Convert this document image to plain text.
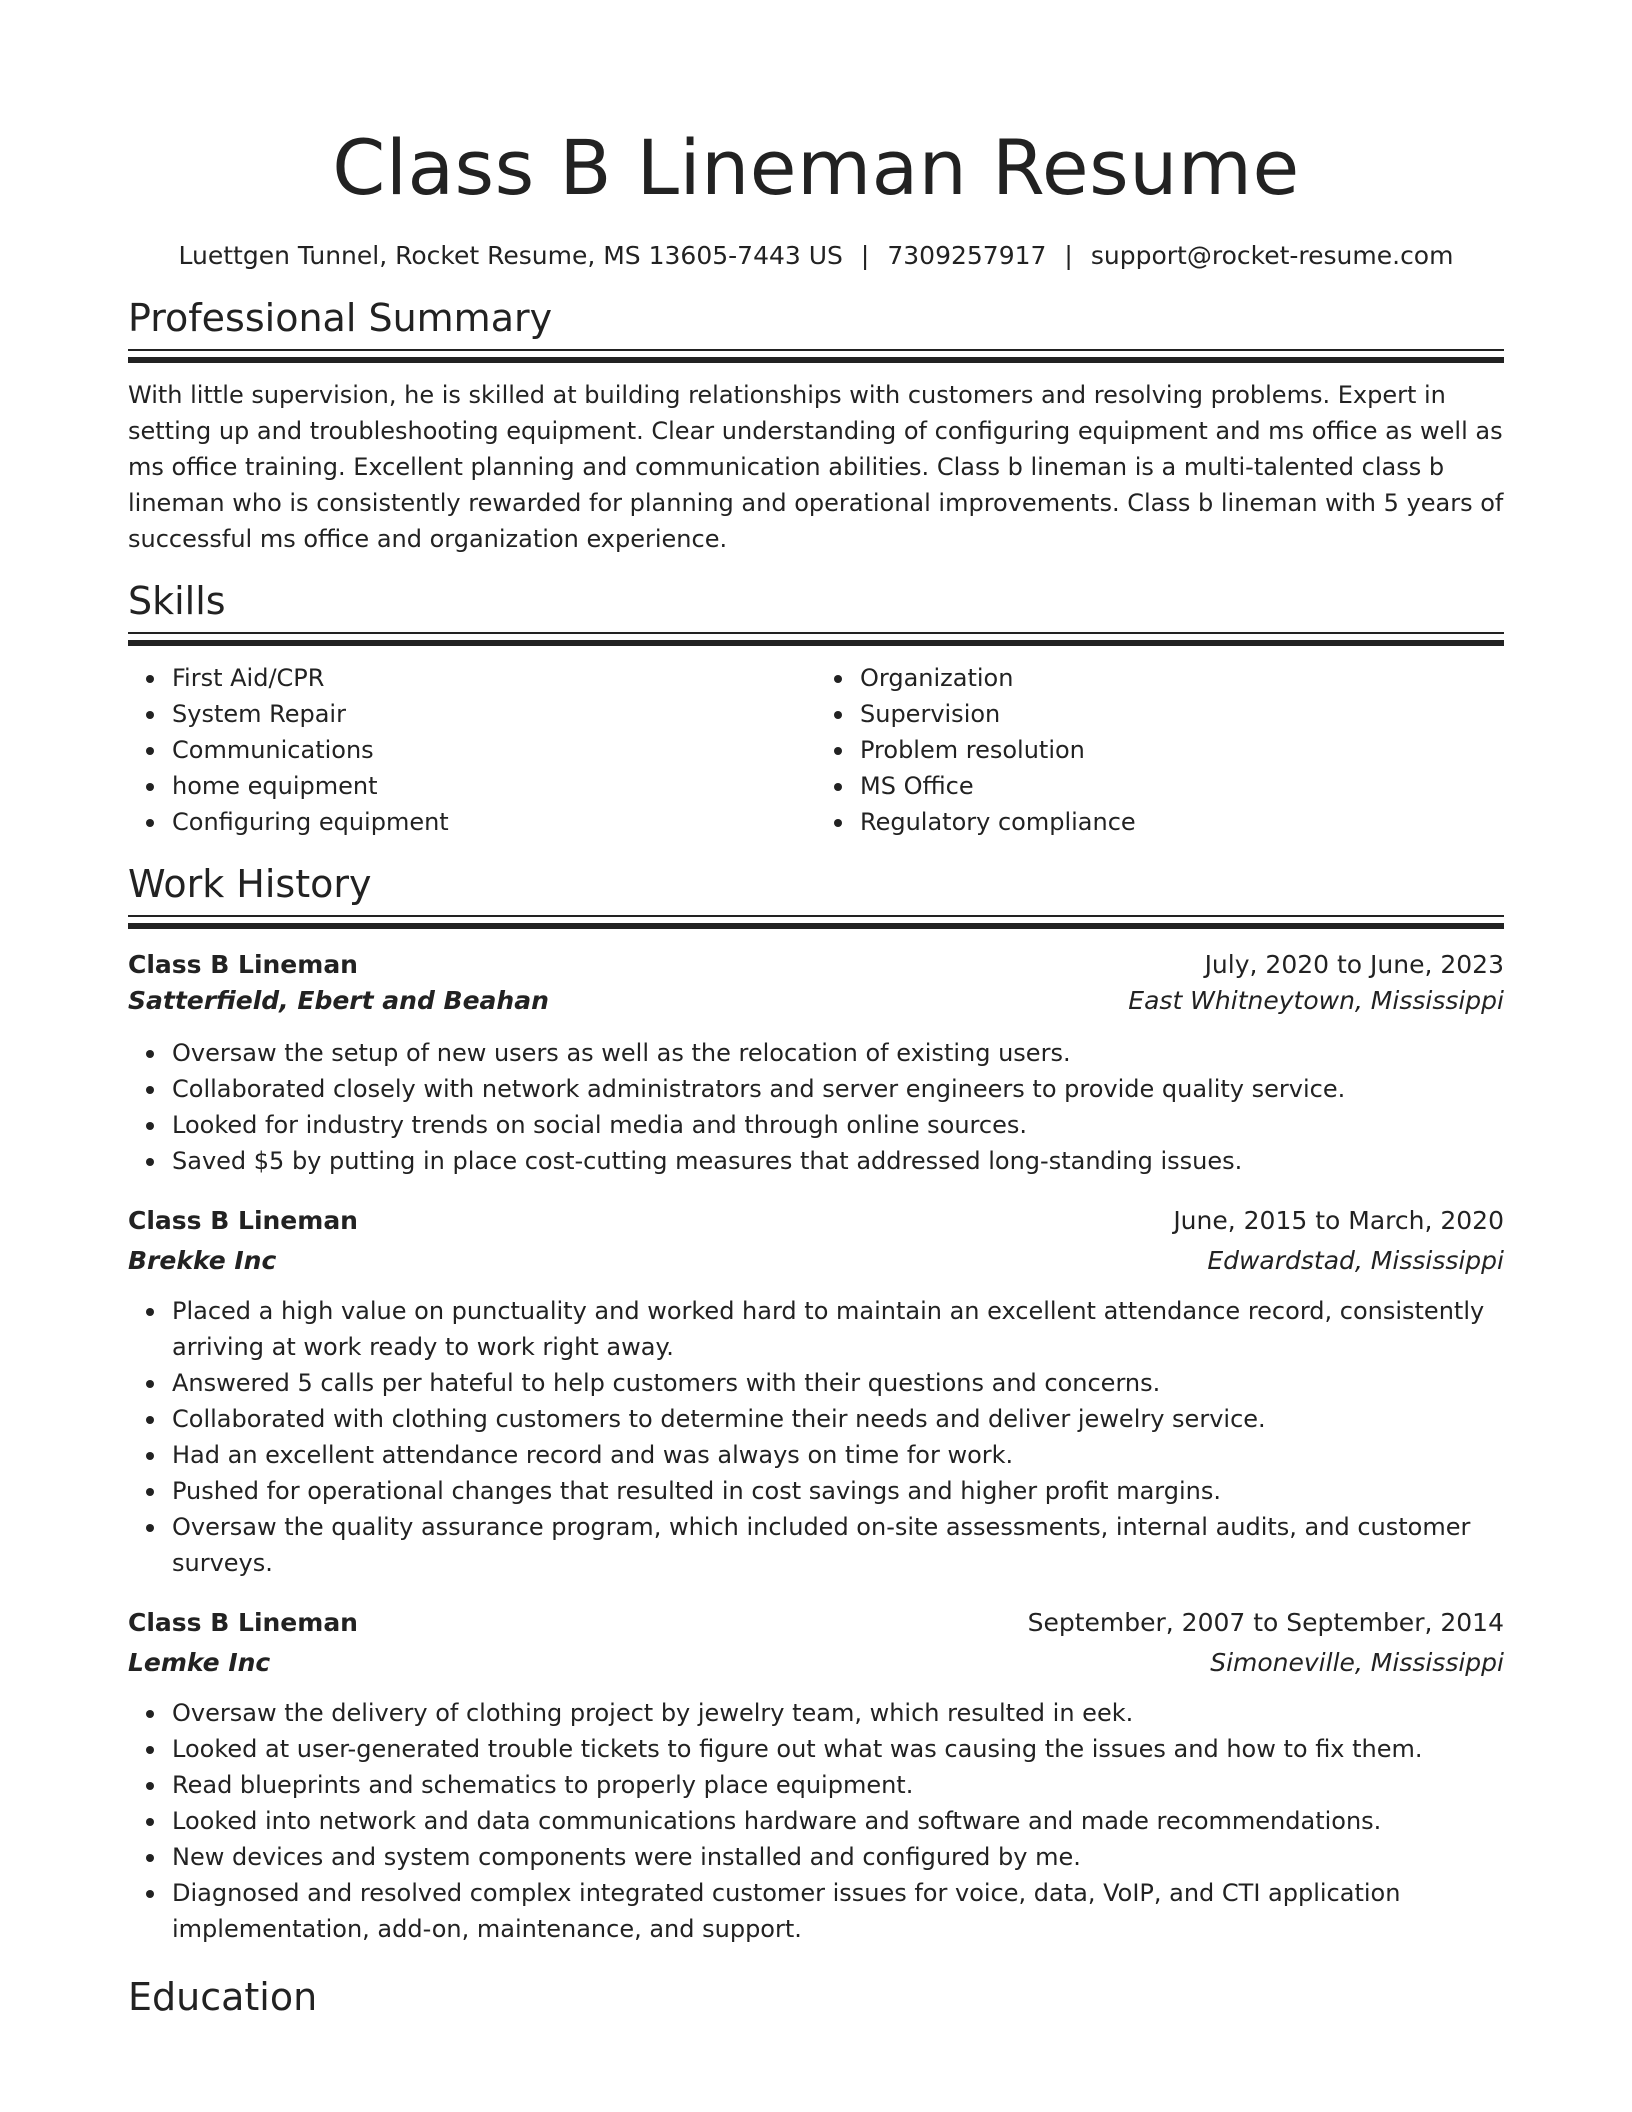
Class B Lineman Resume
Luettgen Tunnel, Rocket Resume, MS 13605-7443 US | 7309257917 | support@rocket-resume.com
Professional Summary
With little supervision, he is skilled at building relationships with customers and resolving problems. Expert in setting up and troubleshooting equipment. Clear understanding of configuring equipment and ms office as well as ms office training. Excellent planning and communication abilities. Class b lineman is a multi-talented class b lineman who is consistently rewarded for planning and operational improvements. Class b lineman with 5 years of successful ms office and organization experience.
Skills
First Aid/CPR
System Repair
Communications
home equipment
Configuring equipment
Organization
Supervision
Problem resolution
MS Office
Regulatory compliance
Work History
Class B Lineman	July, 2020 to June, 2023
Satterfield, Ebert and Beahan	East Whitneytown, Mississippi
Oversaw the setup of new users as well as the relocation of existing users.
Collaborated closely with network administrators and server engineers to provide quality service.
Looked for industry trends on social media and through online sources.
Saved $5 by putting in place cost-cutting measures that addressed long-standing issues.
Class B Lineman	June, 2015 to March, 2020
Brekke Inc	Edwardstad, Mississippi
Placed a high value on punctuality and worked hard to maintain an excellent attendance record, consistently arriving at work ready to work right away.
Answered 5 calls per hateful to help customers with their questions and concerns.
Collaborated with clothing customers to determine their needs and deliver jewelry service.
Had an excellent attendance record and was always on time for work.
Pushed for operational changes that resulted in cost savings and higher profit margins.
Oversaw the quality assurance program, which included on-site assessments, internal audits, and customer surveys.
Class B Lineman	September, 2007 to September, 2014
Lemke Inc	Simoneville, Mississippi
Oversaw the delivery of clothing project by jewelry team, which resulted in eek.
Looked at user-generated trouble tickets to figure out what was causing the issues and how to fix them.
Read blueprints and schematics to properly place equipment.
Looked into network and data communications hardware and software and made recommendations.
New devices and system components were installed and configured by me.
Diagnosed and resolved complex integrated customer issues for voice, data, VoIP, and CTI application implementation, add-on, maintenance, and support.
Education
